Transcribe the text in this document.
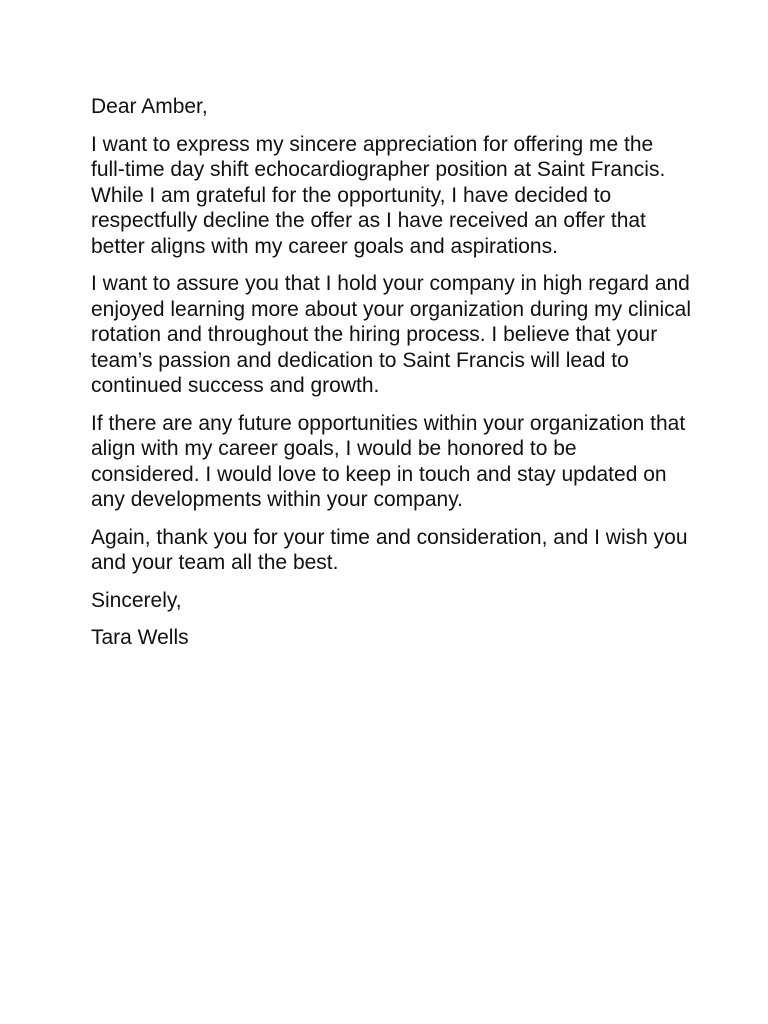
Dear Amber,

I want to express my sincere appreciation for offering me the full-time day shift echocardiographer position at Saint Francis. While I am grateful for the opportunity, I have decided to respectfully decline the offer as I have received an offer that better aligns with my career goals and aspirations.

I want to assure you that I hold your company in high regard and enjoyed learning more about your organization during my clinical rotation and throughout the hiring process. I believe that your team’s passion and dedication to Saint Francis will lead to continued success and growth.

If there are any future opportunities within your organization that align with my career goals, I would be honored to be considered. I would love to keep in touch and stay updated on any developments within your company.

Again, thank you for your time and consideration, and I wish you and your team all the best.

Sincerely,

Tara Wells
